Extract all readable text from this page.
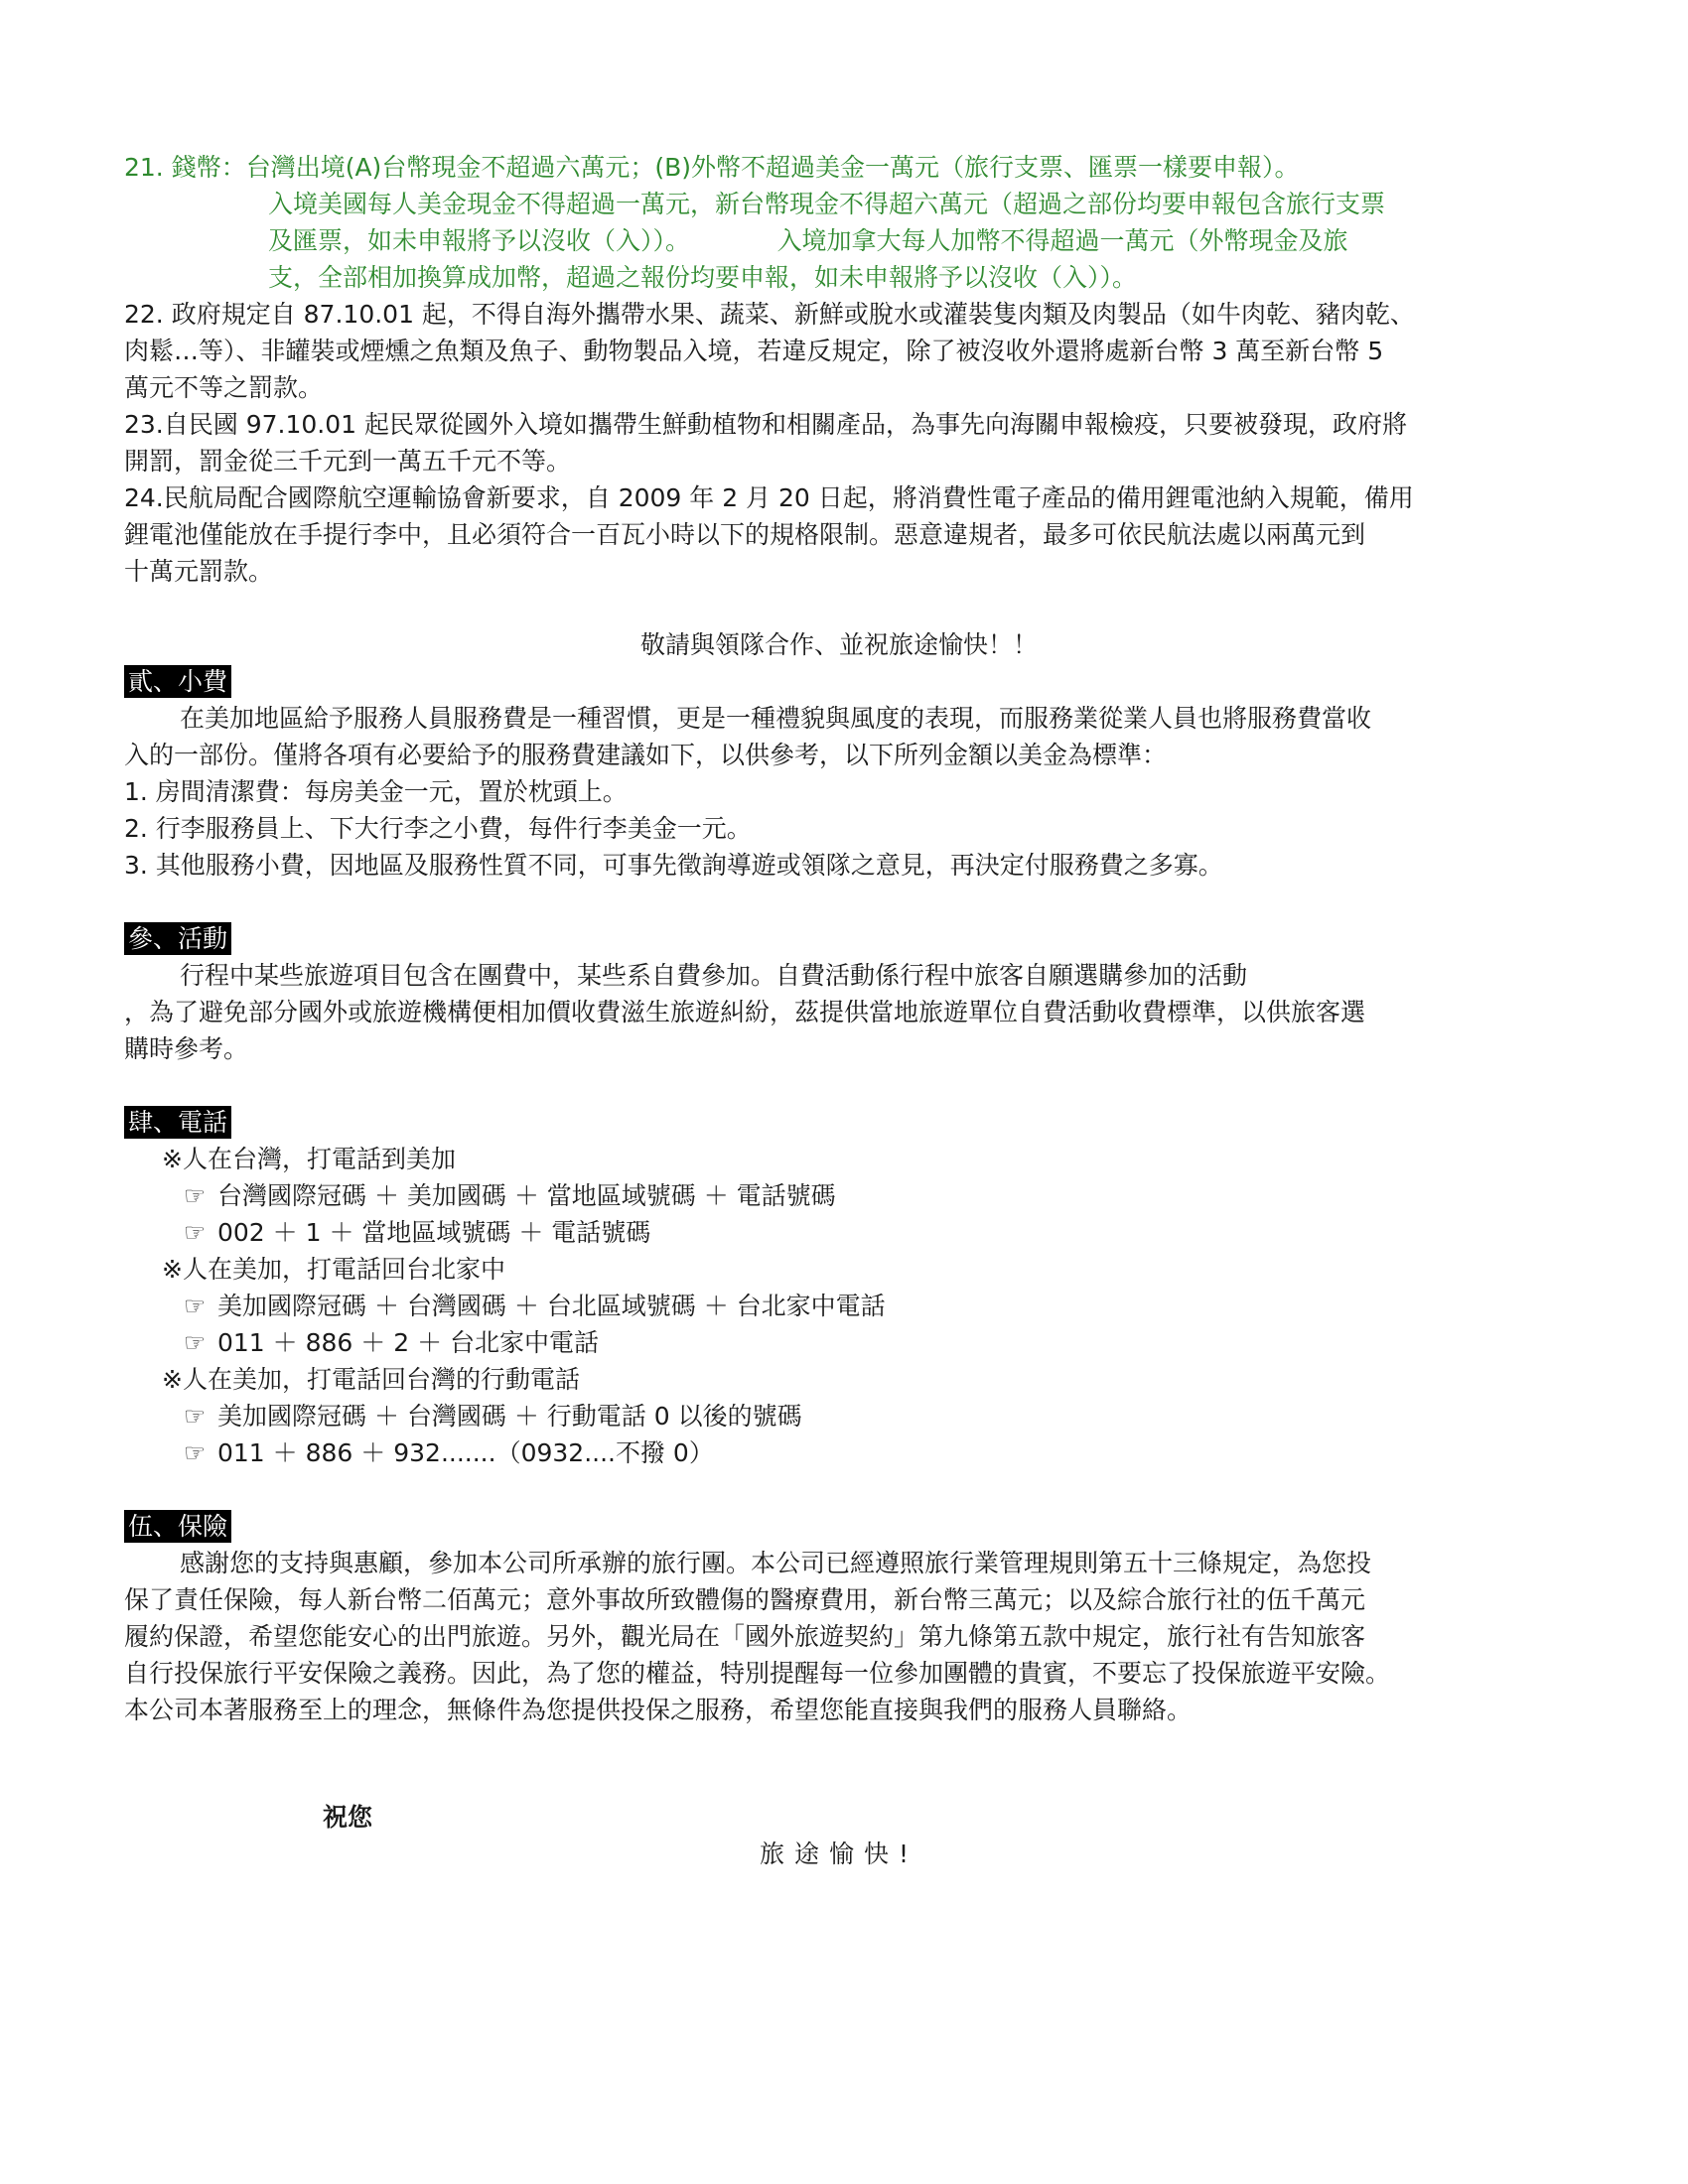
21. 錢幣：台灣出境(A)台幣現金不超過六萬元；(B)外幣不超過美金一萬元（旅行支票、匯票一樣要申報）。

入境美國每人美金現金不得超過一萬元，新台幣現金不得超六萬元（超過之部份均要申報包含旅行支票

及匯票，如未申報將予以沒收（入））。　　　　入境加拿大每人加幣不得超過一萬元（外幣現金及旅

支，全部相加換算成加幣，超過之報份均要申報，如未申報將予以沒收（入））。

22. 政府規定自 87.10.01 起，不得自海外攜帶水果、蔬菜、新鮮或脫水或灌裝隻肉類及肉製品（如牛肉乾、豬肉乾、

肉鬆…等）、非罐裝或煙燻之魚類及魚子、動物製品入境，若違反規定，除了被沒收外還將處新台幣 3 萬至新台幣 5

萬元不等之罰款。

23.自民國 97.10.01 起民眾從國外入境如攜帶生鮮動植物和相關產品，為事先向海關申報檢疫，只要被發現，政府將

開罰，罰金從三千元到一萬五千元不等。

24.民航局配合國際航空運輸協會新要求，自 2009 年 2 月 20 日起，將消費性電子產品的備用鋰電池納入規範，備用

鋰電池僅能放在手提行李中，且必須符合一百瓦小時以下的規格限制。惡意違規者，最多可依民航法處以兩萬元到

十萬元罰款。

敬請與領隊合作、並祝旅途愉快！！

貳、小費

在美加地區給予服務人員服務費是一種習慣，更是一種禮貌與風度的表現，而服務業從業人員也將服務費當收

入的一部份。僅將各項有必要給予的服務費建議如下，以供參考，以下所列金額以美金為標準：

1. 房間清潔費：每房美金一元，置於枕頭上。

2. 行李服務員上、下大行李之小費，每件行李美金一元。

3. 其他服務小費，因地區及服務性質不同，可事先徵詢導遊或領隊之意見，再決定付服務費之多寡。

參、活動

行程中某些旅遊項目包含在團費中，某些系自費參加。自費活動係行程中旅客自願選購參加的活動

，為了避免部分國外或旅遊機構便相加價收費滋生旅遊糾紛，茲提供當地旅遊單位自費活動收費標準，以供旅客選

購時參考。

肆、電話

※人在台灣，打電話到美加

☞ 台灣國際冠碼 ＋ 美加國碼 ＋ 當地區域號碼 ＋ 電話號碼

☞ 002 ＋ 1 ＋ 當地區域號碼 ＋ 電話號碼

※人在美加，打電話回台北家中

☞ 美加國際冠碼 ＋ 台灣國碼 ＋ 台北區域號碼 ＋ 台北家中電話

☞ 011 ＋ 886 ＋ 2 ＋ 台北家中電話

※人在美加，打電話回台灣的行動電話

☞ 美加國際冠碼 ＋ 台灣國碼 ＋ 行動電話 0 以後的號碼

☞ 011 ＋ 886 ＋ 932.......（0932....不撥 0）

伍、保險

感謝您的支持與惠顧，參加本公司所承辦的旅行團。本公司已經遵照旅行業管理規則第五十三條規定，為您投

保了責任保險，每人新台幣二佰萬元；意外事故所致體傷的醫療費用，新台幣三萬元；以及綜合旅行社的伍千萬元

履約保證，希望您能安心的出門旅遊。另外，觀光局在「國外旅遊契約」第九條第五款中規定，旅行社有告知旅客

自行投保旅行平安保險之義務。因此，為了您的權益，特別提醒每一位參加團體的貴賓，不要忘了投保旅遊平安險。

本公司本著服務至上的理念，無條件為您提供投保之服務，希望您能直接與我們的服務人員聯絡。

祝您

旅途愉快!
